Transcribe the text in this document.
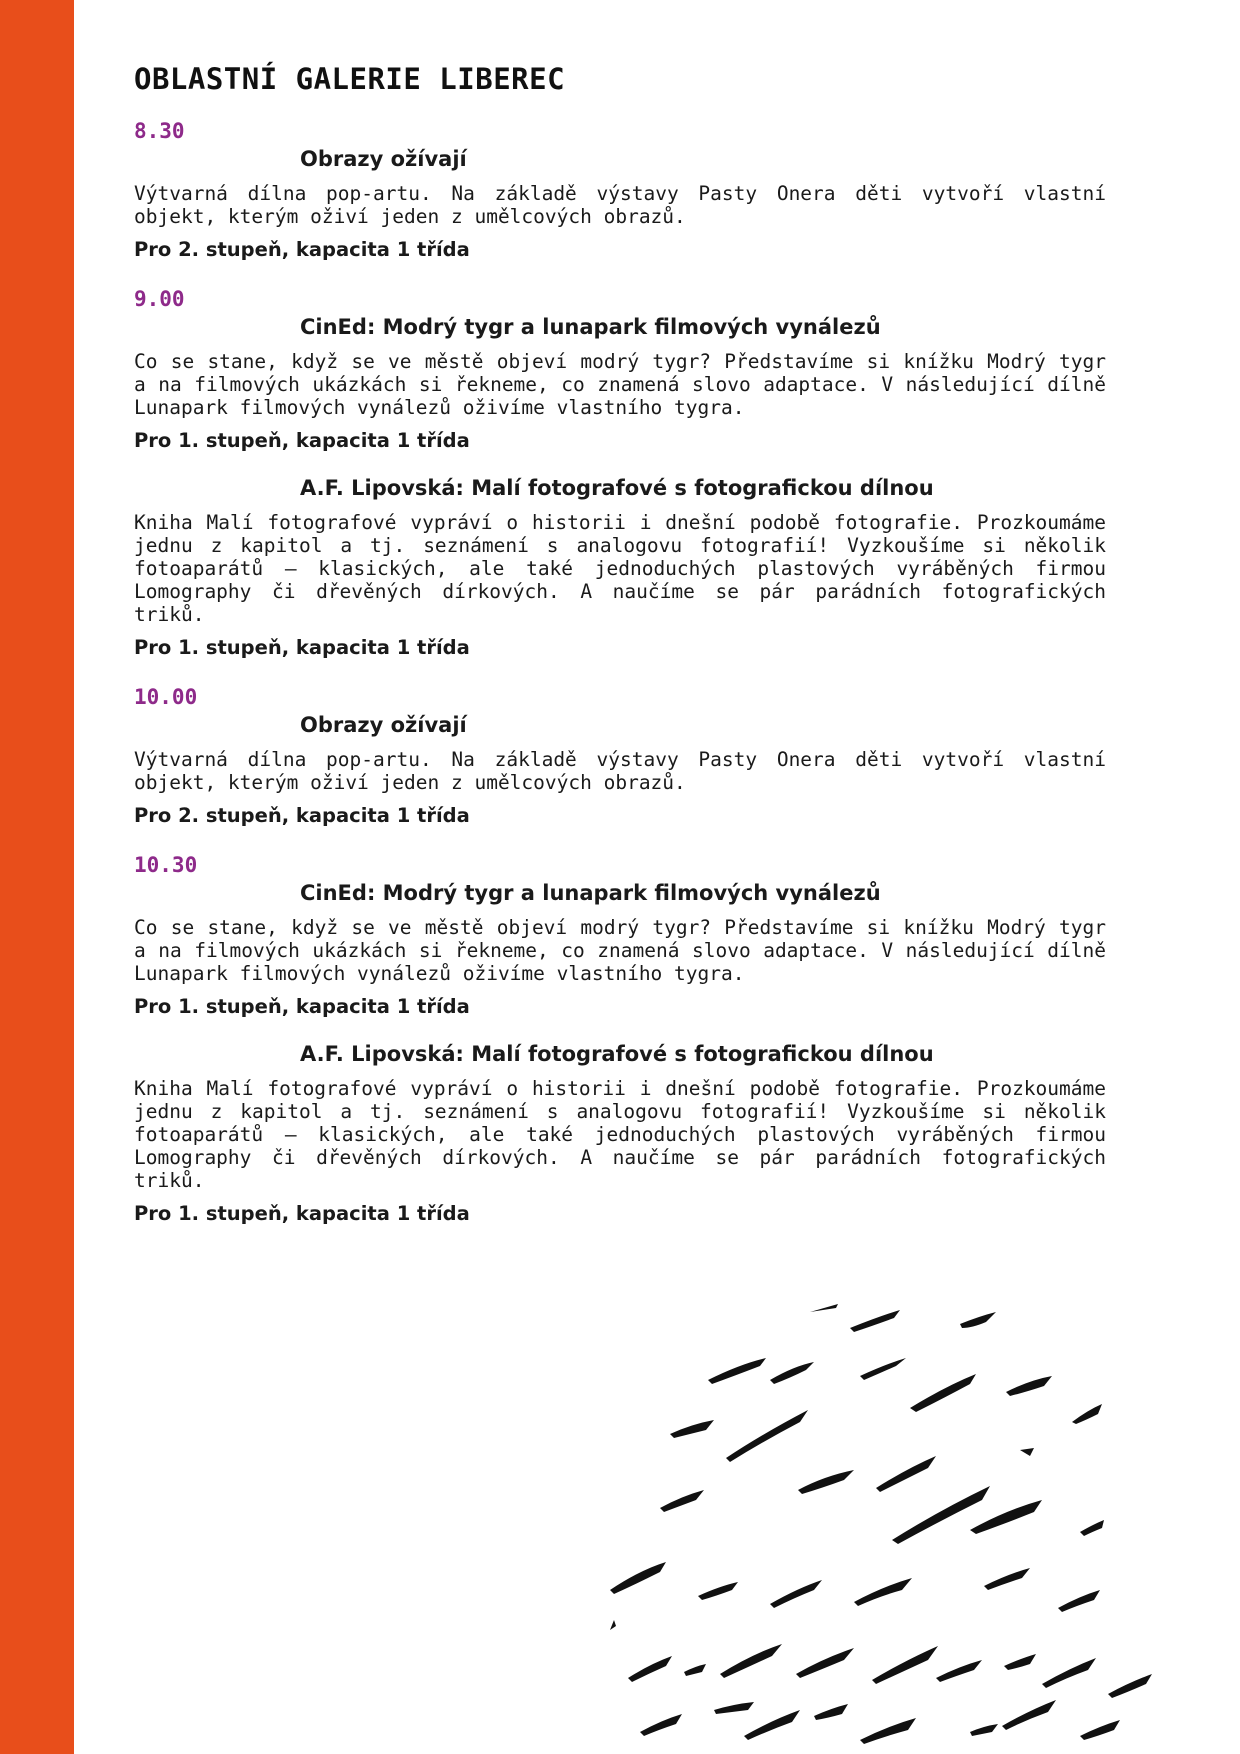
OBLASTNÍ GALERIE LIBEREC
8.30
Obrazy ožívají

Výtvarná dílna pop-artu. Na základě výstavy Pasty Onera děti vytvoří vlastní objekt, kterým oživí jeden z umělcových obrazů.

Pro 2. stupeň, kapacita 1 třída
9.00
CinEd: Modrý tygr a lunapark filmových vynálezů

Co se stane, když se ve městě objeví modrý tygr? Představíme si knížku Modrý tygr a na filmových ukázkách si řekneme, co znamená slovo adaptace. V následující dílně Lunapark filmových vynálezů oživíme vlastního tygra.

Pro 1. stupeň, kapacita 1 třída
A.F. Lipovská: Malí fotografové s fotografickou dílnou

Kniha Malí fotografové vypráví o historii i dnešní podobě fotografie. Prozkoumáme jednu z kapitol a tj. seznámení s analogovu fotografií! Vyzkoušíme si několik fotoaparátů – klasických, ale také jednoduchých plastových vyráběných firmou Lomography či dřevěných dírkových. A naučíme se pár parádních fotografických triků.

Pro 1. stupeň, kapacita 1 třída
10.00
Obrazy ožívají

Výtvarná dílna pop-artu. Na základě výstavy Pasty Onera děti vytvoří vlastní objekt, kterým oživí jeden z umělcových obrazů.

Pro 2. stupeň, kapacita 1 třída
10.30
CinEd: Modrý tygr a lunapark filmových vynálezů

Co se stane, když se ve městě objeví modrý tygr? Představíme si knížku Modrý tygr a na filmových ukázkách si řekneme, co znamená slovo adaptace. V následující dílně Lunapark filmových vynálezů oživíme vlastního tygra.

Pro 1. stupeň, kapacita 1 třída
A.F. Lipovská: Malí fotografové s fotografickou dílnou

Kniha Malí fotografové vypráví o historii i dnešní podobě fotografie. Prozkoumáme jednu z kapitol a tj. seznámení s analogovu fotografií! Vyzkoušíme si několik fotoaparátů – klasických, ale také jednoduchých plastových vyráběných firmou Lomography či dřevěných dírkových. A naučíme se pár parádních fotografických triků.

Pro 1. stupeň, kapacita 1 třída
